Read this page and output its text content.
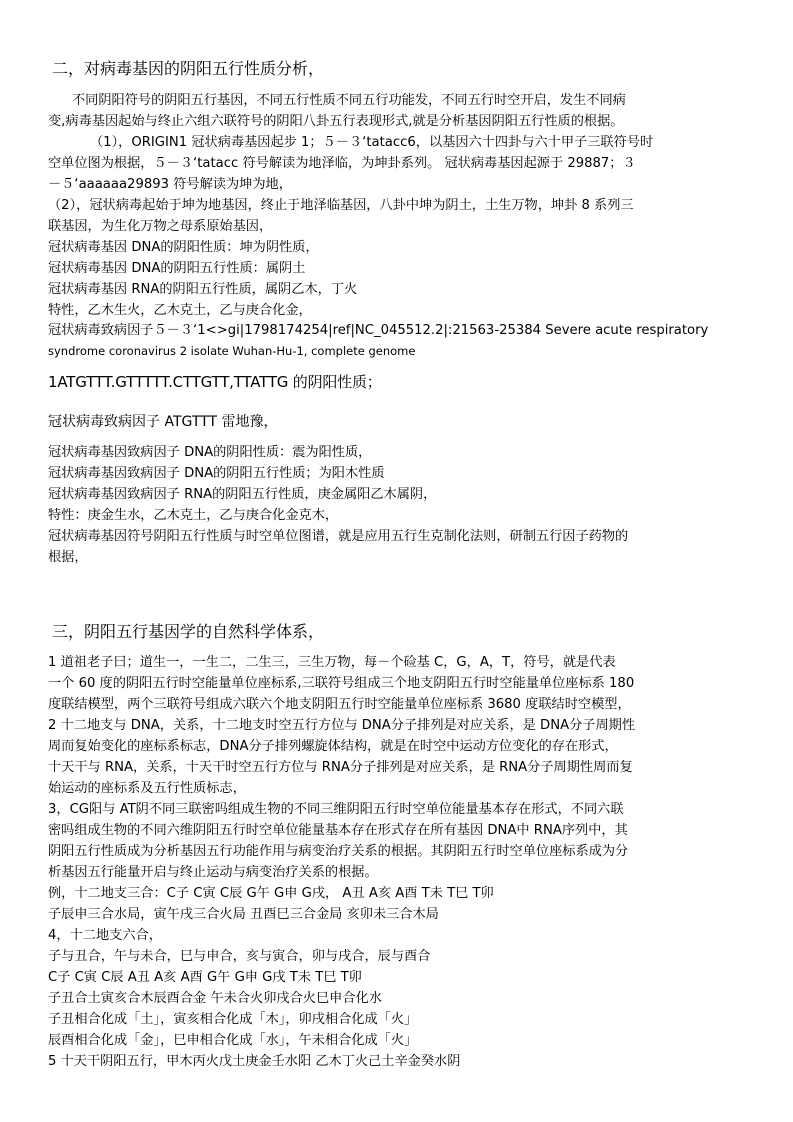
二，对病毒基因的阴阳五行性质分析，
不同阴阳符号的阴阳五行基因，不同五行性质不同五行功能发，不同五行时空开启，发生不同病
变,病毒基因起始与终止六组六联符号的阴阳八卦五行表现形式,就是分析基因阴阳五行性质的根据。
（1），ORIGIN1 冠状病毒基因起步 1；５－３‘tatacc6，以基因六十四卦与六十甲子三联符号时
空单位图为根据，５－３‘tatacc 符号解读为地泽临，为坤卦系列。 冠状病毒基因起源于 29887；３
－５‘aaaaaa29893 符号解读为坤为地，
（2），冠状病毒起始于坤为地基因，终止于地泽临基因，八卦中坤为阴土，土生万物，坤卦 8 系列三
联基因，为生化万物之母系原始基因，
冠状病毒基因 DNA的阴阳性质：坤为阴性质，
冠状病毒基因 DNA的阴阳五行性质：属阴土
冠状病毒基因 RNA的阴阳五行性质，属阴乙木，丁火
特性，乙木生火，乙木克土，乙与庚合化金，
冠状病毒致病因子５－３‘1<>gi|1798174254|ref|NC_045512.2|:21563-25384 Severe acute respiratory
syndrome coronavirus 2 isolate Wuhan-Hu-1, complete genome
1ATGTTT.GTTTTT.CTTGTT,TTATTG 的阴阳性质；
冠状病毒致病因子 ATGTTT 雷地豫，
冠状病毒基因致病因子 DNA的阴阳性质：震为阳性质，
冠状病毒基因致病因子 DNA的阴阳五行性质；为阳木性质
冠状病毒基因致病因子 RNA的阴阳五行性质，庚金属阳乙木属阴，
特性：庚金生水，乙木克土，乙与庚合化金克木，
冠状病毒基因符号阴阳五行性质与时空单位图谱，就是应用五行生克制化法则，研制五行因子药物的
根据，
三，阴阳五行基因学的自然科学体系，
1 道祖老子曰；道生一，一生二，二生三，三生万物，每－个硷基 C，G，A，T，符号，就是代表
一个 60 度的阴阳五行时空能量单位座标系,三联符号组成三个地支阴阳五行时空能量单位座标系 180
度联结模型，两个三联符号组成六联六个地支阴阳五行时空能量单位座标系 3680 度联结时空模型，
2 十二地支与 DNA，关系，十二地支时空五行方位与 DNA分子排列是对应关系，是 DNA分子周期性
周而复始变化的座标系标志，DNA分子排列螺旋体结构，就是在时空中运动方位变化的存在形式，
十天干与 RNA，关系，十天干时空五行方位与 RNA分子排列是对应关系，是 RNA分子周期性周而复
始运动的座标系及五行性质标志，
3，CG阳与 AT阴不同三联密吗组成生物的不同三维阴阳五行时空单位能量基本存在形式，不同六联
密吗组成生物的不同六维阴阳五行时空单位能量基本存在形式存在所有基因 DNA中 RNA序列中，其
阴阳五行性质成为分析基因五行功能作用与病变治疗关系的根据。其阴阳五行时空单位座标系成为分
析基因五行能量开启与终止运动与病变治疗关系的根据。
例，十二地支三合：C子 C寅 C辰 G午 G申 G戌， A丑 A亥 A酉 T未 T巳 T卯
子辰申三合水局，寅午戌三合火局 丑酉巳三合金局 亥卯未三合木局
4，十二地支六合，
子与丑合，午与未合，巳与申合，亥与寅合，卯与戌合，辰与酉合
C子 C寅 C辰 A丑 A亥 A酉 G午 G申 G戌 T未 T巳 T卯
子丑合土寅亥合木辰酉合金 午未合火卯戌合火巳申合化水
子丑相合化成「土」，寅亥相合化成「木」，卯戌相合化成「火」
辰酉相合化成「金」，巳申相合化成「水」，午未相合化成「火」
5 十天干阴阳五行，甲木丙火戊土庚金壬水阳 乙木丁火己土辛金癸水阴
